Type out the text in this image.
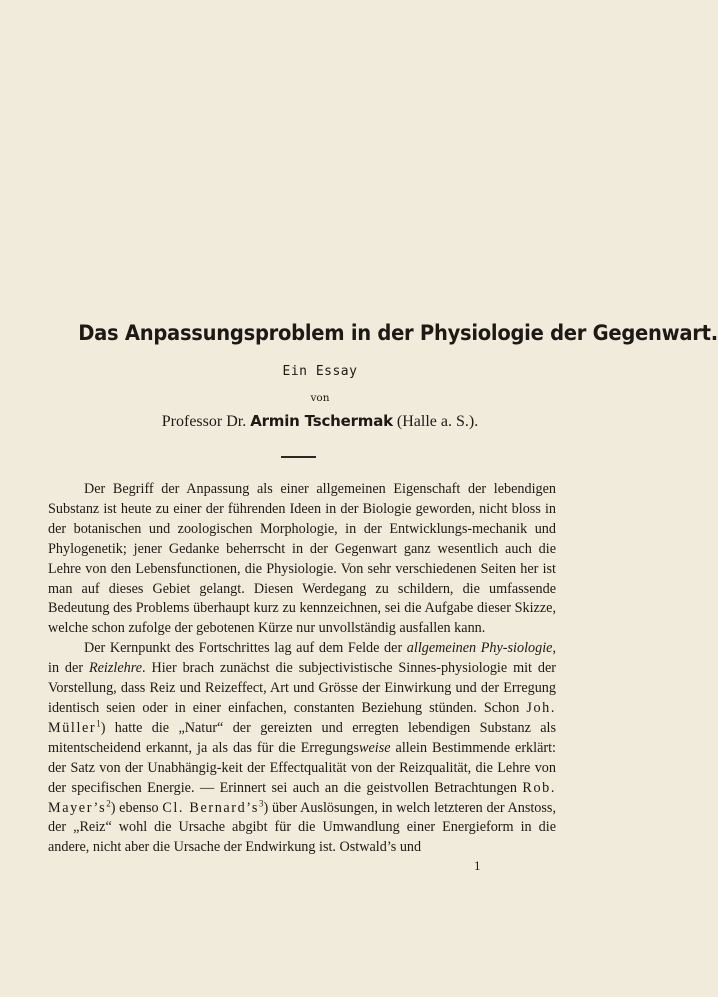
Das Anpassungsproblem in der Physiologie der Gegenwart.
Ein Essay
von
Professor Dr. Armin Tschermak (Halle a. S.).

Der Begriff der Anpassung als einer allgemeinen Eigenschaft der lebendigen Substanz ist heute zu einer der führenden Ideen in der Biologie geworden, nicht bloss in der botanischen und zoologischen Morphologie, in der Entwicklungs-mechanik und Phylogenetik; jener Gedanke beherrscht in der Gegenwart ganz wesentlich auch die Lehre von den Lebensfunctionen, die Physiologie. Von sehr verschiedenen Seiten her ist man auf dieses Gebiet gelangt. Diesen Werdegang zu schildern, die umfassende Bedeutung des Problems überhaupt kurz zu kennzeichnen, sei die Aufgabe dieser Skizze, welche schon zufolge der gebotenen Kürze nur unvollständig ausfallen kann.

Der Kernpunkt des Fortschrittes lag auf dem Felde der allgemeinen Phy-siologie, in der Reizlehre. Hier brach zunächst die subjectivistische Sinnes-physiologie mit der Vorstellung, dass Reiz und Reizeffect, Art und Grösse der Einwirkung und der Erregung identisch seien oder in einer einfachen, constanten Beziehung stünden. Schon Joh. Müller$^1$) hatte die „Natur“ der gereizten und erregten lebendigen Substanz als mitentscheidend erkannt, ja als das für die Erregungsweise allein Bestimmende erklärt: der Satz von der Unabhängig-keit der Effectqualität von der Reizqualität, die Lehre von der specifischen Energie. — Erinnert sei auch an die geistvollen Betrachtungen Rob. $Mayer’s^2$) ebenso Cl. $Bernard’s^3$) über Auslösungen, in welch letzteren der Anstoss, der „Reiz“ wohl die Ursache abgibt für die Umwandlung einer Energieform in die andere, nicht aber die Ursache der Endwirkung ist. Ostwald’s und

1
